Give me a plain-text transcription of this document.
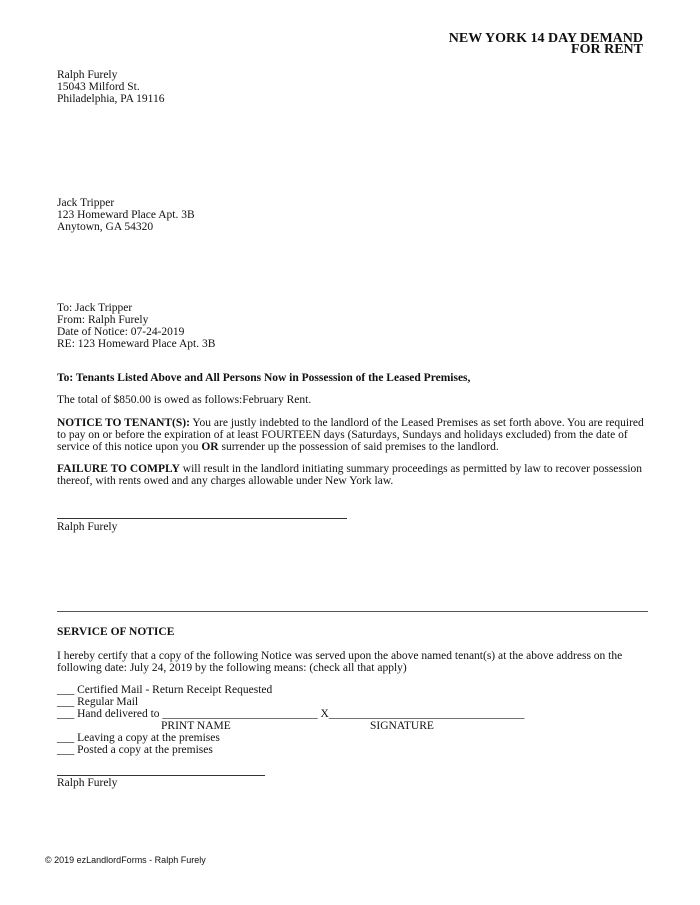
NEW YORK 14 DAY DEMAND
FOR RENT
Ralph Furely
15043 Milford St.
Philadelphia, PA 19116
Jack Tripper
123 Homeward Place Apt. 3B
Anytown, GA 54320
To: Jack Tripper
From: Ralph Furely
Date of Notice: 07-24-2019
RE: 123 Homeward Place Apt. 3B
To: Tenants Listed Above and All Persons Now in Possession of the Leased Premises,
The total of $850.00 is owed as follows:February Rent.
NOTICE TO TENANT(S): You are justly indebted to the landlord of the Leased Premises as set forth above. You are required to pay on or before the expiration of at least FOURTEEN days (Saturdays, Sundays and holidays excluded) from the date of service of this notice upon you OR surrender up the possession of said premises to the landlord.
FAILURE TO COMPLY will result in the landlord initiating summary proceedings as permitted by law to recover possession thereof, with rents owed and any charges allowable under New York law.
Ralph Furely
SERVICE OF NOTICE
I hereby certify that a copy of the following Notice was served upon the above named tenant(s) at the above address on the following date: July 24, 2019 by the following means: (check all that apply)
___ Certified Mail - Return Receipt Requested
___ Regular Mail
___ Hand delivered to ___________________________ X__________________________________
PRINT NAME	SIGNATURE
___ Leaving a copy at the premises
___ Posted a copy at the premises
Ralph Furely
© 2019 ezLandlordForms - Ralph Furely
